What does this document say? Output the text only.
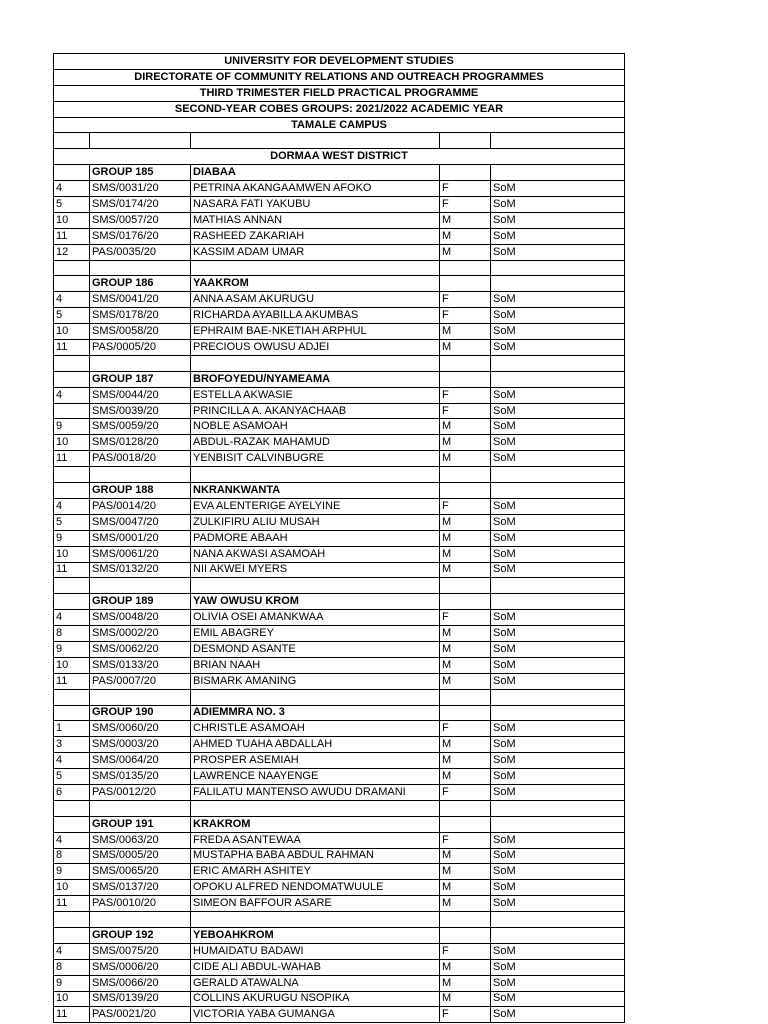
UNIVERSITY FOR DEVELOPMENT STUDIES				
DIRECTORATE OF COMMUNITY RELATIONS AND OUTREACH PROGRAMMES				
THIRD TRIMESTER FIELD PRACTICAL PROGRAMME				
SECOND-YEAR COBES GROUPS: 2021/2022 ACADEMIC YEAR				
TAMALE CAMPUS				

DORMAA WEST DISTRICT				
	GROUP 185	DIABAA		
4	SMS/0031/20	PETRINA AKANGAAMWEN AFOKO	F	SoM
5	SMS/0174/20	NASARA FATI YAKUBU	F	SoM
10	SMS/0057/20	MATHIAS ANNAN	M	SoM
11	SMS/0176/20	RASHEED ZAKARIAH	M	SoM
12	PAS/0035/20	KASSIM ADAM UMAR	M	SoM

	GROUP 186	YAAKROM		
4	SMS/0041/20	ANNA ASAM AKURUGU	F	SoM
5	SMS/0178/20	RICHARDA AYABILLA AKUMBAS	F	SoM
10	SMS/0058/20	EPHRAIM BAE-NKETIAH ARPHUL	M	SoM
11	PAS/0005/20	PRECIOUS OWUSU ADJEI	M	SoM

	GROUP 187	BROFOYEDU/NYAMEAMA		
4	SMS/0044/20	ESTELLA AKWASIE	F	SoM
	SMS/0039/20	PRINCILLA A. AKANYACHAAB	F	SoM
9	SMS/0059/20	NOBLE ASAMOAH	M	SoM
10	SMS/0128/20	ABDUL-RAZAK MAHAMUD	M	SoM
11	PAS/0018/20	YENBISIT CALVINBUGRE	M	SoM

	GROUP 188	NKRANKWANTA		
4	PAS/0014/20	EVA ALENTERIGE AYELYINE	F	SoM
5	SMS/0047/20	ZULKIFIRU ALIU MUSAH	M	SoM
9	SMS/0001/20	PADMORE ABAAH	M	SoM
10	SMS/0061/20	NANA AKWASI ASAMOAH	M	SoM
11	SMS/0132/20	NII AKWEI MYERS	M	SoM

	GROUP 189	YAW OWUSU KROM		
4	SMS/0048/20	OLIVIA OSEI AMANKWAA	F	SoM
8	SMS/0002/20	EMIL ABAGREY	M	SoM
9	SMS/0062/20	DESMOND ASANTE	M	SoM
10	SMS/0133/20	BRIAN NAAH	M	SoM
11	PAS/0007/20	BISMARK AMANING	M	SoM

	GROUP 190	ADIEMMRA NO. 3		
1	SMS/0060/20	CHRISTLE ASAMOAH	F	SoM
3	SMS/0003/20	AHMED TUAHA ABDALLAH	M	SoM
4	SMS/0064/20	PROSPER ASEMIAH	M	SoM
5	SMS/0135/20	LAWRENCE NAAYENGE	M	SoM
6	PAS/0012/20	FALILATU MANTENSO AWUDU DRAMANI	F	SoM

	GROUP 191	KRAKROM		
4	SMS/0063/20	FREDA ASANTEWAA	F	SoM
8	SMS/0005/20	MUSTAPHA BABA ABDUL RAHMAN	M	SoM
9	SMS/0065/20	ERIC AMARH ASHITEY	M	SoM
10	SMS/0137/20	OPOKU ALFRED NENDOMATWUULE	M	SoM
11	PAS/0010/20	SIMEON BAFFOUR ASARE	M	SoM

	GROUP 192	YEBOAHKROM		
4	SMS/0075/20	HUMAIDATU BADAWI	F	SoM
8	SMS/0006/20	CIDE ALI ABDUL-WAHAB	M	SoM
9	SMS/0066/20	GERALD ATAWALNA	M	SoM
10	SMS/0139/20	COLLINS AKURUGU NSOPIKA	M	SoM
11	PAS/0021/20	VICTORIA YABA GUMANGA	F	SoM
